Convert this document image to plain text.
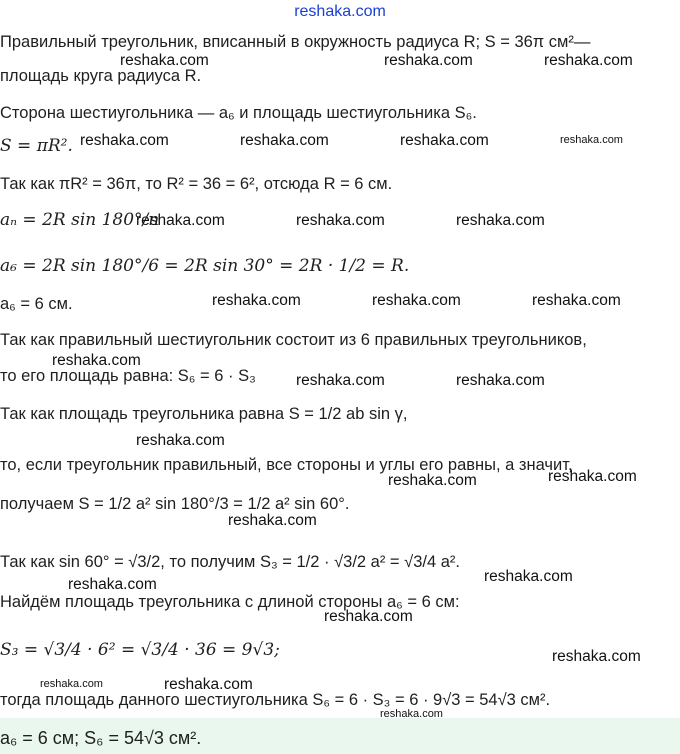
reshaka.com
Правильный треугольник, вписанный в окружность радиуса R; S = 36π см²—
площадь круга радиуса R.
Сторона шестиугольника — a₆ и площадь шестиугольника S₆.
S = πR².
Так как πR² = 36π, то R² = 36 = 6², отсюда R = 6 см.
aₙ = 2R sin 180°/n
a₆ = 2R sin 180°/6 = 2R sin 30° = 2R · 1/2 = R.
a₆ = 6 см.
Так как правильный шестиугольник состоит из 6 правильных треугольников,
то его площадь равна: S₆ = 6 · S₃
Так как площадь треугольника равна S = 1/2 ab sin γ,
то, если треугольник правильный, все стороны и углы его равны, а значит,
получаем S = 1/2 a² sin 180°/3 = 1/2 a² sin 60°.
Так как sin 60° = √3/2, то получим S₃ = 1/2 · √3/2 a² = √3/4 a².
Найдём площадь треугольника с длиной стороны a₆ = 6 см:
S₃ = √3/4 · 6² = √3/4 · 36 = 9√3;
тогда площадь данного шестиугольника S₆ = 6 · S₃ = 6 · 9√3 = 54√3 см².
a₆ = 6 см; S₆ = 54√3 см².
reshaka.com	reshaka.com	reshaka.com
reshaka.com	reshaka.com	reshaka.com	reshaka.com
reshaka.com	reshaka.com	reshaka.com
reshaka.com	reshaka.com	reshaka.com
reshaka.com
reshaka.com	reshaka.com
reshaka.com
reshaka.com	reshaka.com
reshaka.com
reshaka.com
reshaka.com
reshaka.com
reshaka.com
reshaka.com	reshaka.com
reshaka.com
